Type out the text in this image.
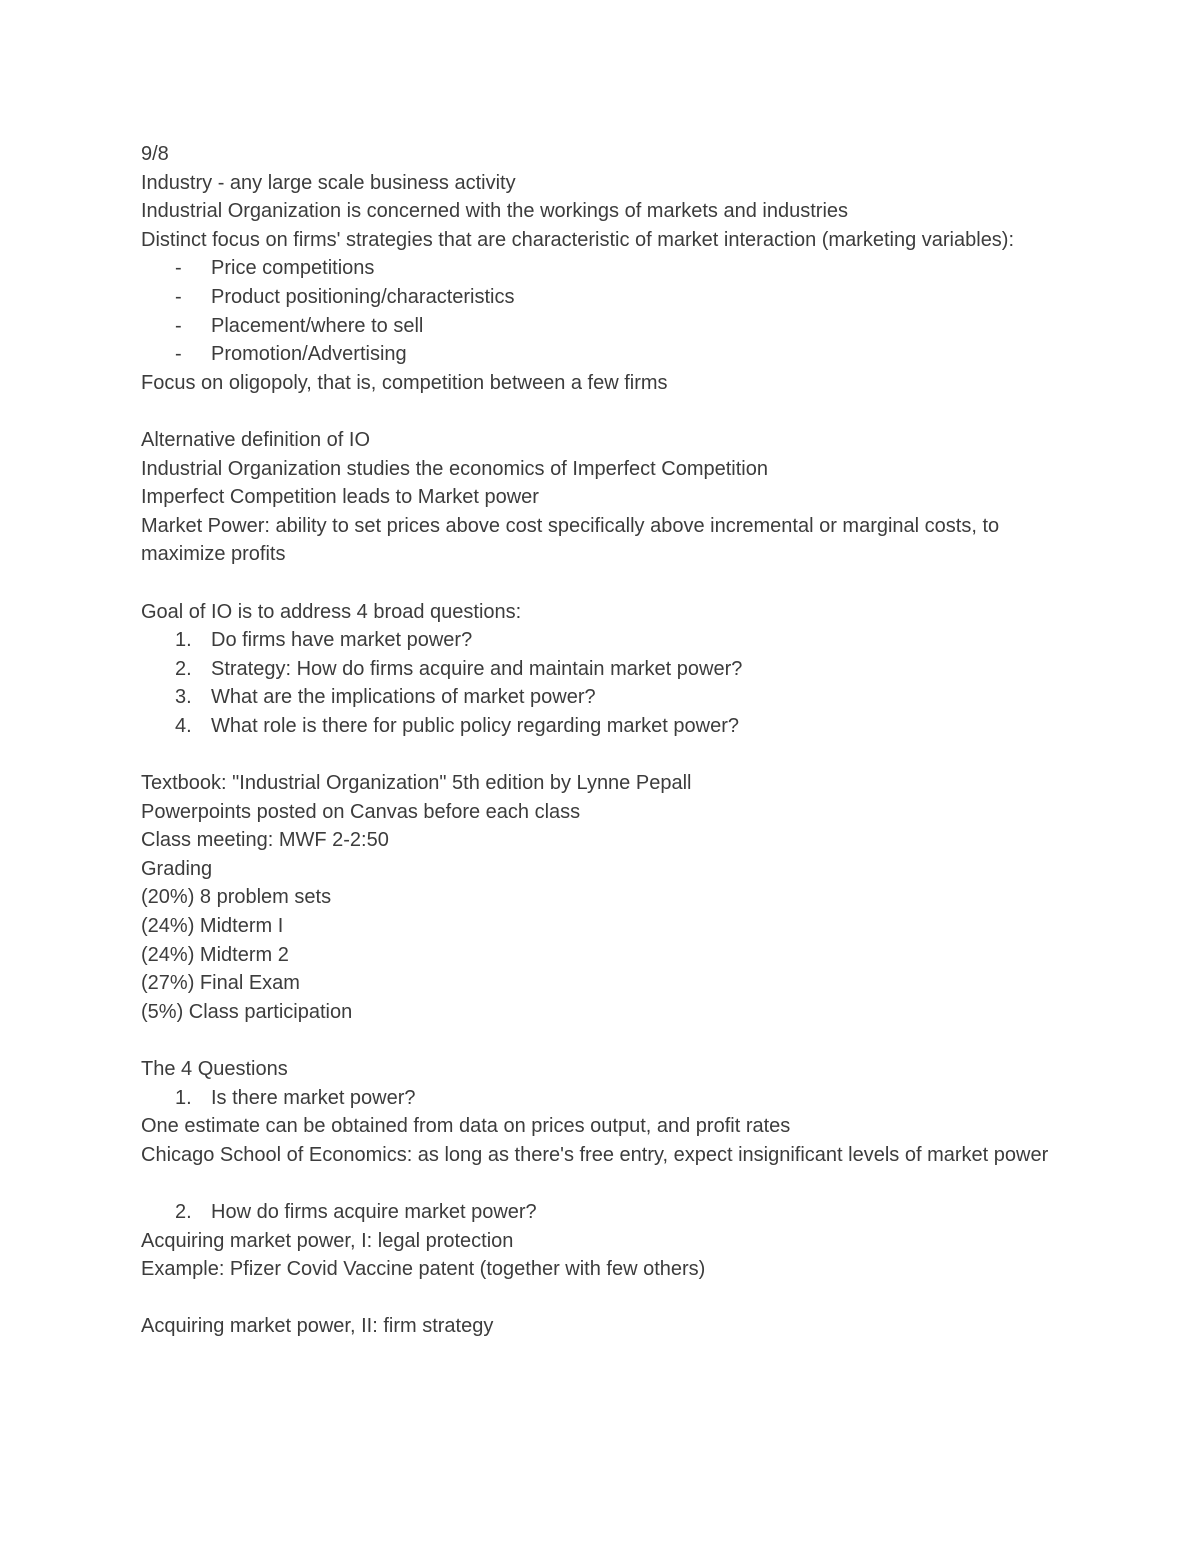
9/8
Industry - any large scale business activity
Industrial Organization is concerned with the workings of markets and industries
Distinct focus on firms' strategies that are characteristic of market interaction (marketing variables):
-	Price competitions
-	Product positioning/characteristics
-	Placement/where to sell
-	Promotion/Advertising
Focus on oligopoly, that is, competition between a few firms
Alternative definition of IO
Industrial Organization studies the economics of Imperfect Competition
Imperfect Competition leads to Market power
Market Power: ability to set prices above cost specifically above incremental or marginal costs, to maximize profits
Goal of IO is to address 4 broad questions:
1. Do firms have market power?
2. Strategy: How do firms acquire and maintain market power?
3. What are the implications of market power?
4. What role is there for public policy regarding market power?
Textbook: "Industrial Organization" 5th edition by Lynne Pepall
Powerpoints posted on Canvas before each class
Class meeting: MWF 2-2:50
Grading
(20%) 8 problem sets
(24%) Midterm I
(24%) Midterm 2
(27%) Final Exam
(5%) Class participation
The 4 Questions
1. Is there market power?
One estimate can be obtained from data on prices output, and profit rates
Chicago School of Economics: as long as there's free entry, expect insignificant levels of market power
2. How do firms acquire market power?
Acquiring market power, I: legal protection
Example: Pfizer Covid Vaccine patent (together with few others)
Acquiring market power, II: firm strategy
